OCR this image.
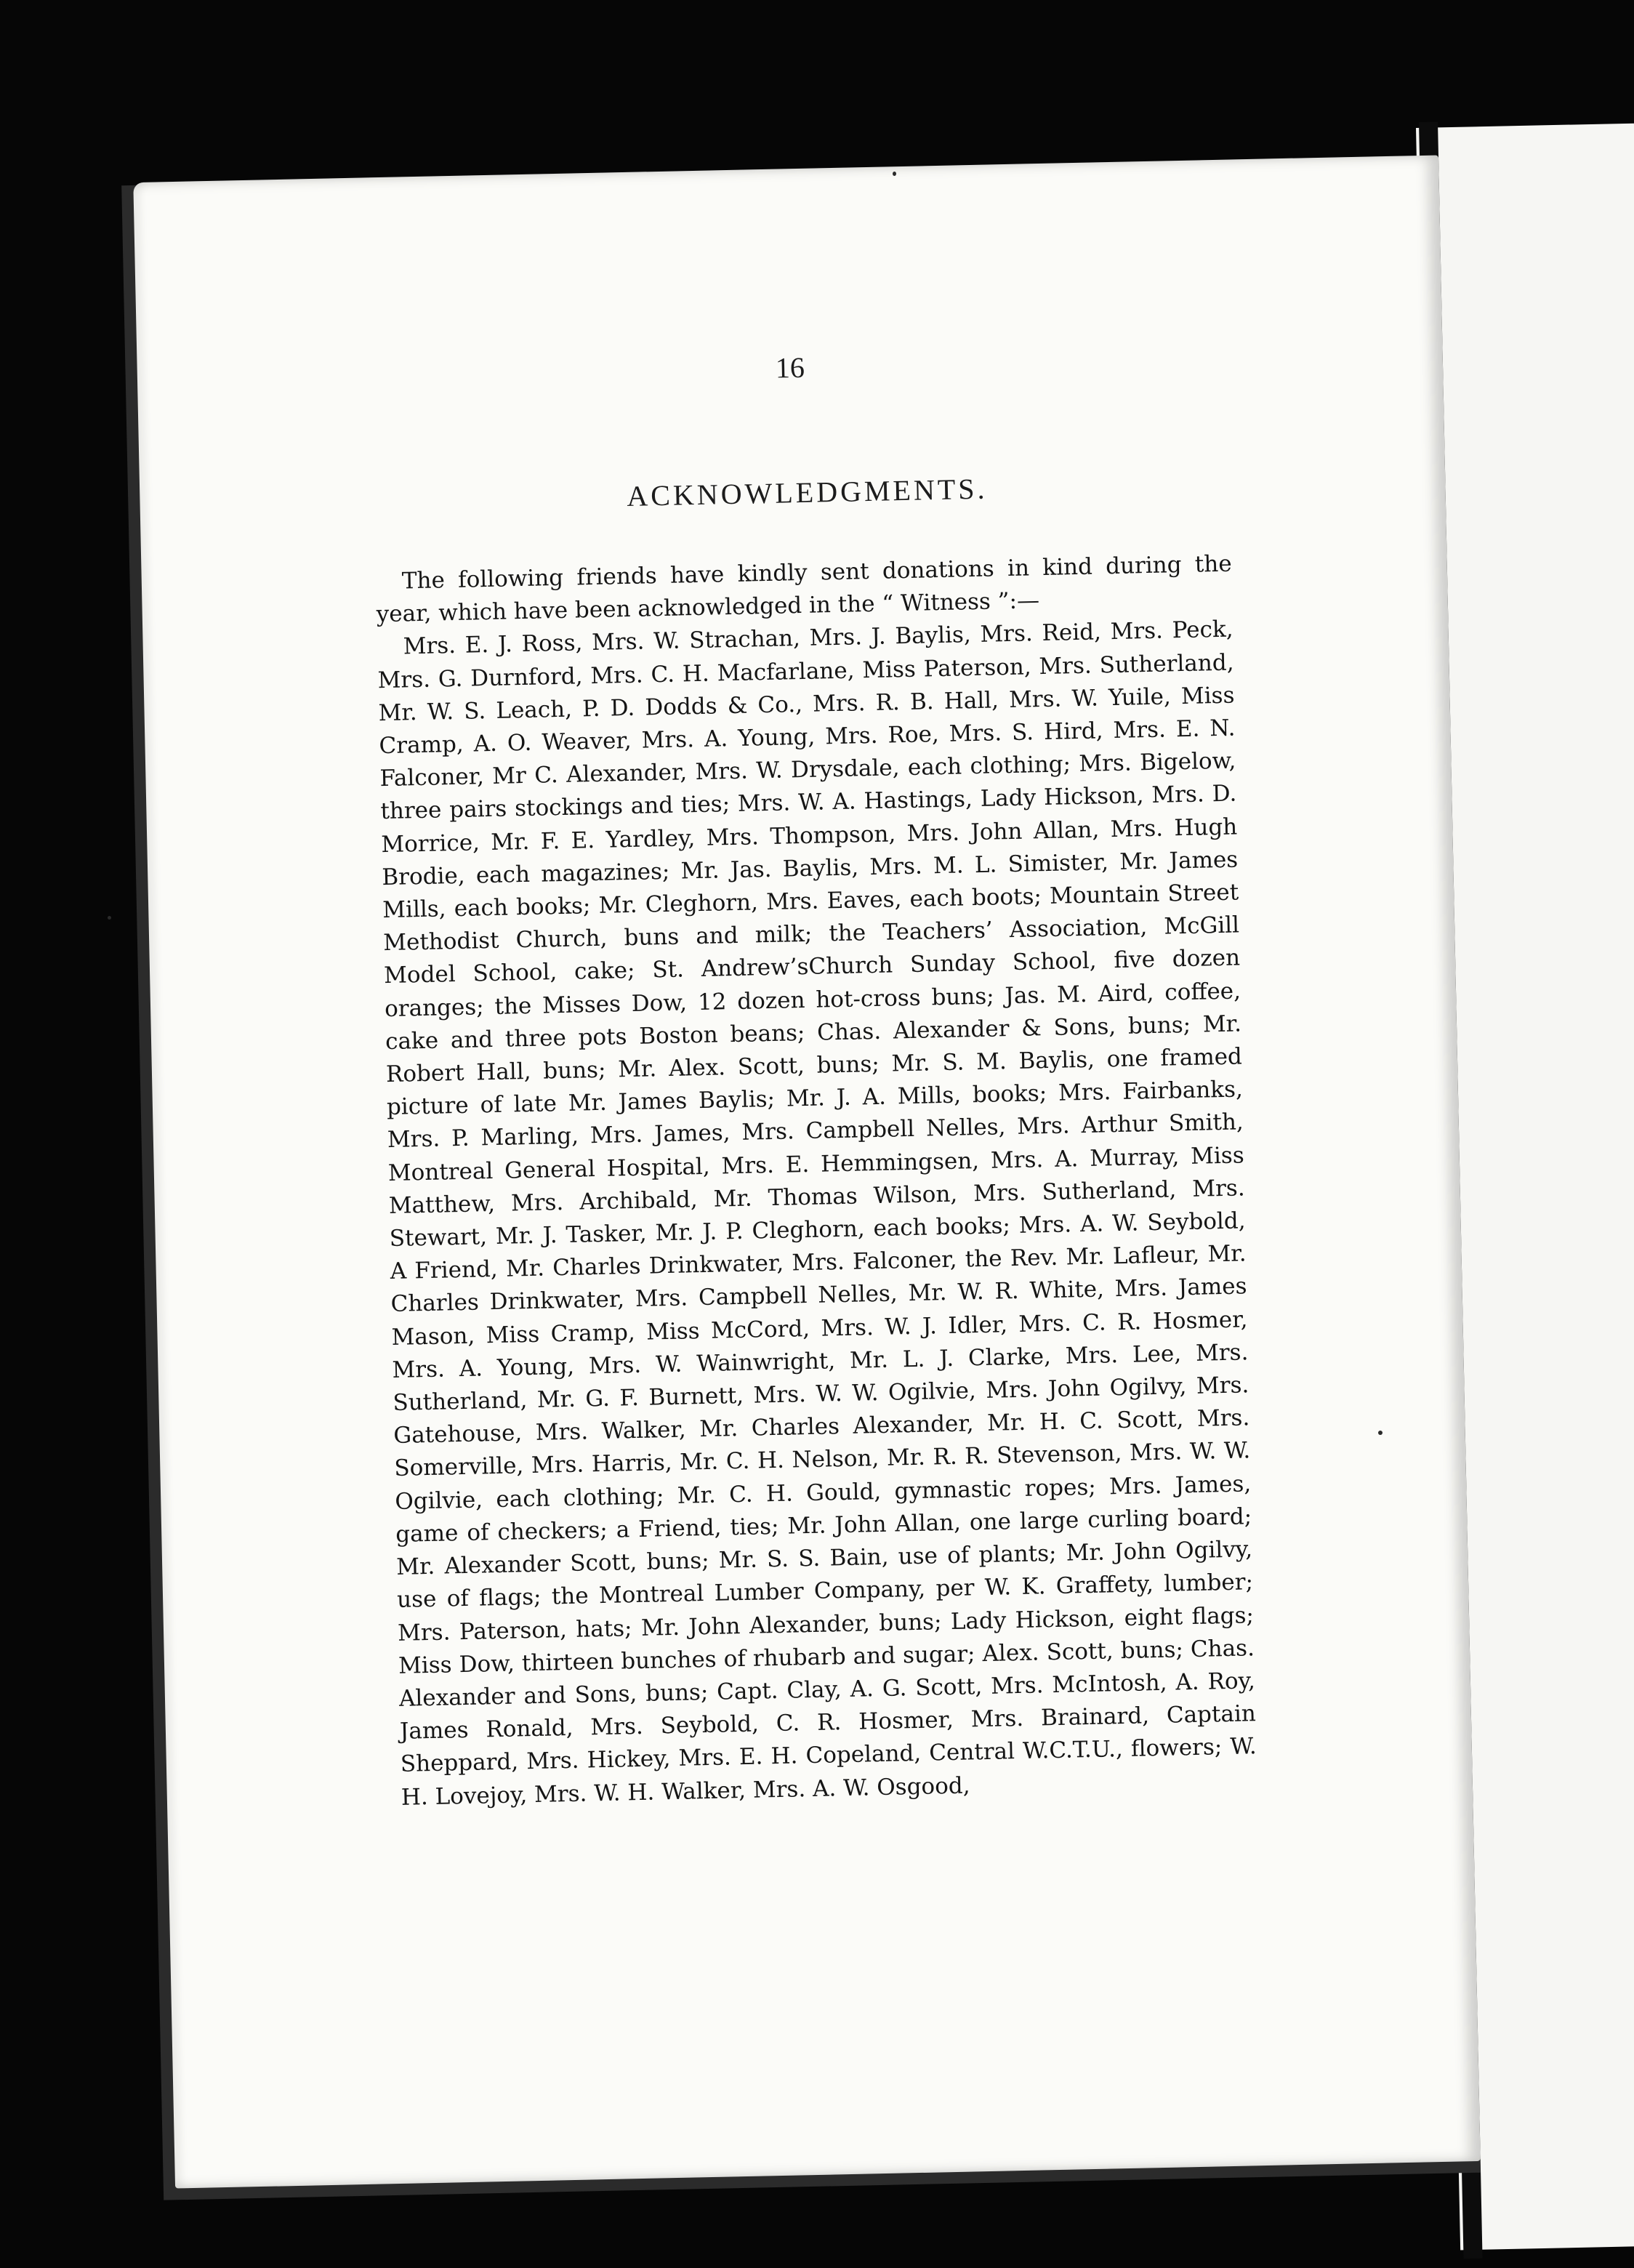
16
ACKNOWLEDGMENTS.

The following friends have kindly sent donations in kind during the year, which have been acknowledged in the “ Witness ”:—

Mrs. E. J. Ross, Mrs. W. Strachan, Mrs. J. Baylis, Mrs. Reid, Mrs. Peck, Mrs. G. Durnford, Mrs. C. H. Macfarlane, Miss Paterson, Mrs. Sutherland, Mr. W. S. Leach, P. D. Dodds & Co., Mrs. R. B. Hall, Mrs. W. Yuile, Miss Cramp, A. O. Weaver, Mrs. A. Young, Mrs. Roe, Mrs. S. Hird, Mrs. E. N. Falconer, Mr C. Alexander, Mrs. W. Drysdale, each clothing; Mrs. Bigelow, three pairs stockings and ties; Mrs. W. A. Hastings, Lady Hickson, Mrs. D. Morrice, Mr. F. E. Yardley, Mrs. Thompson, Mrs. John Allan, Mrs. Hugh Brodie, each magazines; Mr. Jas. Baylis, Mrs. M. L. Simister, Mr. James Mills, each books; Mr. Cleghorn, Mrs. Eaves, each boots; Mountain Street Methodist Church, buns and milk; the Teachers’ Association, McGill Model School, cake; St. Andrew’sChurch Sunday School, five dozen oranges; the Misses Dow, 12 dozen hot-cross buns; Jas. M. Aird, coffee, cake and three pots Boston beans; Chas. Alexander & Sons, buns; Mr. Robert Hall, buns; Mr. Alex. Scott, buns; Mr. S. M. Baylis, one framed picture of late Mr. James Baylis; Mr. J. A. Mills, books; Mrs. Fairbanks, Mrs. P. Marling, Mrs. James, Mrs. Campbell Nelles, Mrs. Arthur Smith, Montreal General Hospital, Mrs. E. Hemmingsen, Mrs. A. Murray, Miss Matthew, Mrs. Archibald, Mr. Thomas Wilson, Mrs. Sutherland, Mrs. Stewart, Mr. J. Tasker, Mr. J. P. Cleghorn, each books; Mrs. A. W. Seybold, A Friend, Mr. Charles Drinkwater, Mrs. Falconer, the Rev. Mr. Lafleur, Mr. Charles Drinkwater, Mrs. Campbell Nelles, Mr. W. R. White, Mrs. James Mason, Miss Cramp, Miss McCord, Mrs. W. J. Idler, Mrs. C. R. Hosmer, Mrs. A. Young, Mrs. W. Wainwright, Mr. L. J. Clarke, Mrs. Lee, Mrs. Sutherland, Mr. G. F. Burnett, Mrs. W. W. Ogilvie, Mrs. John Ogilvy, Mrs. Gatehouse, Mrs. Walker, Mr. Charles Alexander, Mr. H. C. Scott, Mrs. Somerville, Mrs. Harris, Mr. C. H. Nelson, Mr. R. R. Stevenson, Mrs. W. W. Ogilvie, each clothing; Mr. C. H. Gould, gymnastic ropes; Mrs. James, game of checkers; a Friend, ties; Mr. John Allan, one large curling board; Mr. Alexander Scott, buns; Mr. S. S. Bain, use of plants; Mr. John Ogilvy, use of flags; the Montreal Lumber Company, per W. K. Graffety, lumber; Mrs. Paterson, hats; Mr. John Alexander, buns; Lady Hickson, eight flags; Miss Dow, thirteen bunches of rhubarb and sugar; Alex. Scott, buns; Chas. Alexander and Sons, buns; Capt. Clay, A. G. Scott, Mrs. McIntosh, A. Roy, James Ronald, Mrs. Seybold, C. R. Hosmer, Mrs. Brainard, Captain Sheppard, Mrs. Hickey, Mrs. E. H. Copeland, Central W.C.T.U., flowers; W. H. Lovejoy, Mrs. W. H. Walker, Mrs. A. W. Osgood,
